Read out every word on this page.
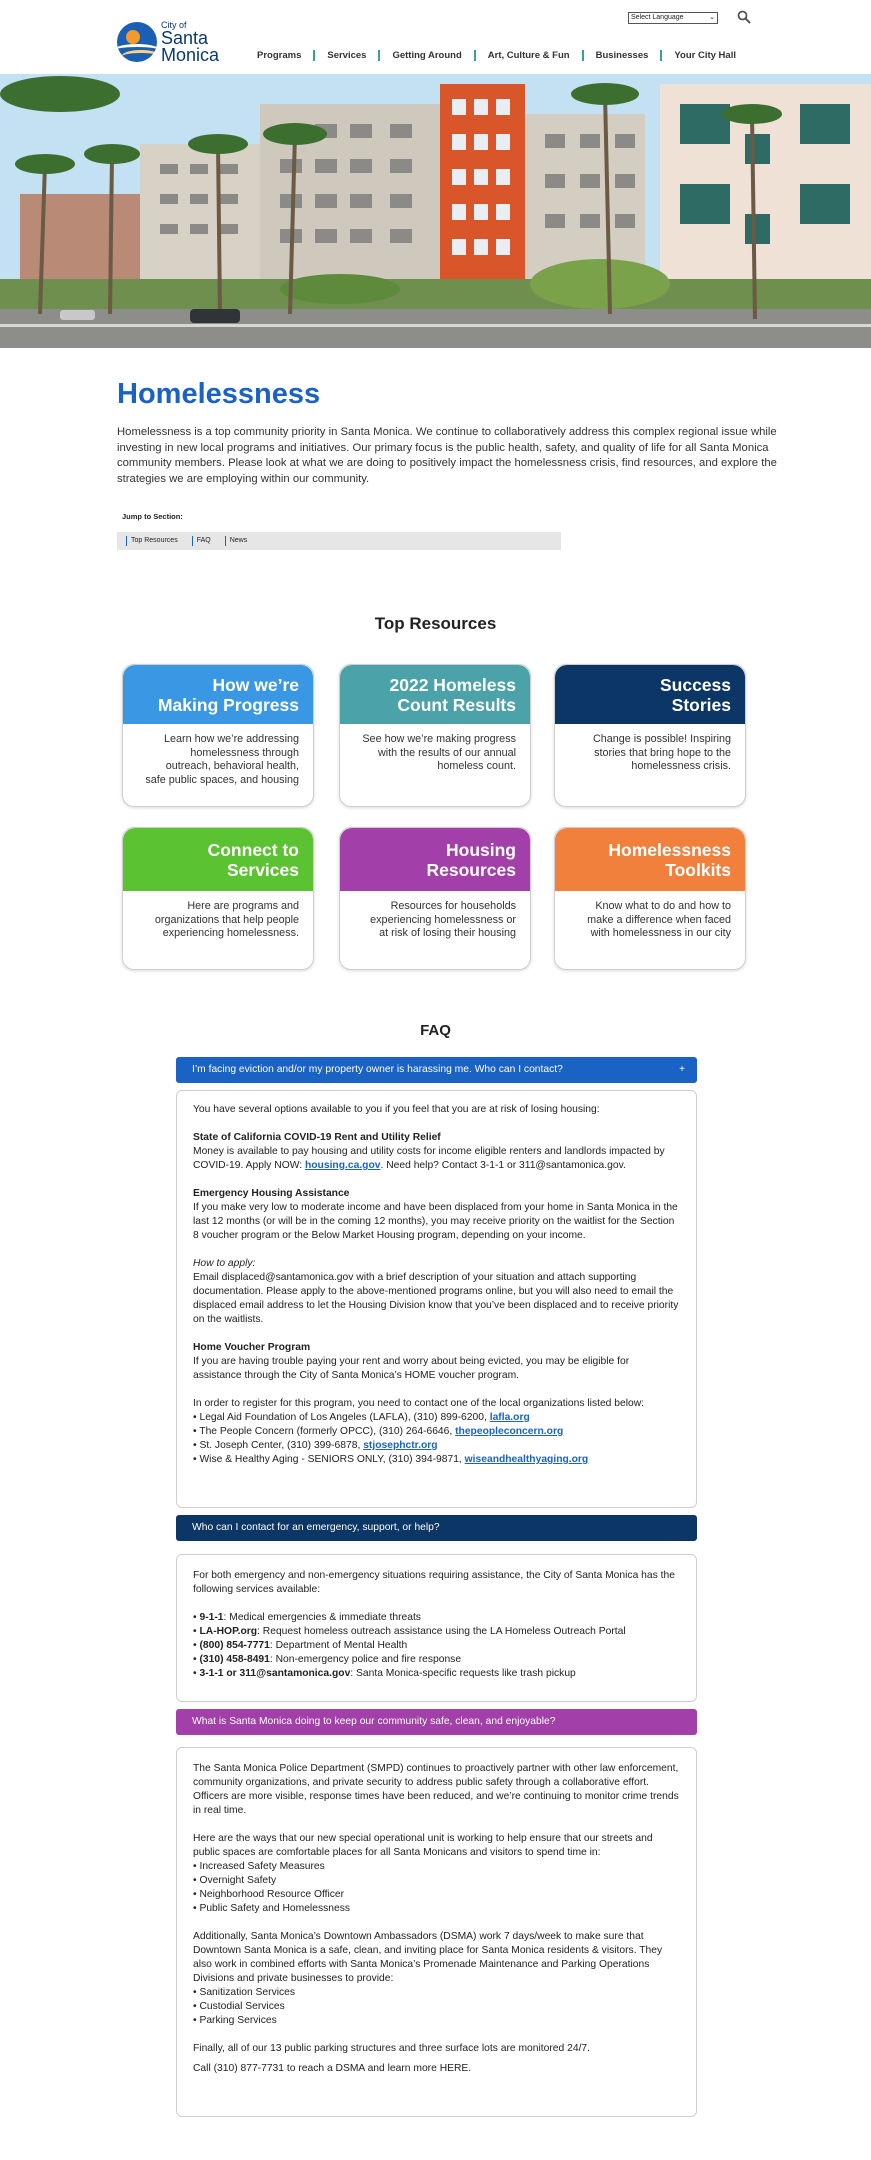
City of
Santa
Monica
Select Language	⌄
Programs	Services	Getting Around	Art, Culture & Fun	Businesses	Your City Hall
Homelessness

Homelessness is a top community priority in Santa Monica. We continue to collaboratively address this complex regional issue while investing in new local programs and initiatives. Our primary focus is the public health, safety, and quality of life for all Santa Monica community members. Please look at what we are doing to positively impact the homelessness crisis, find resources, and explore the strategies we are employing within our community.

Jump to Section:
Top Resources	FAQ	News
Top Resources
How we’re
Making Progress
Learn how we’re addressing homelessness through outreach, behavioral health, safe public spaces, and housing
2022 Homeless
Count Results
See how we’re making progress with the results of our annual homeless count.
Success
Stories
Change is possible! Inspiring stories that bring hope to the homelessness crisis.
Connect to
Services
Here are programs and organizations that help people experiencing homelessness.
Housing
Resources
Resources for households experiencing homelessness or at risk of losing their housing
Homelessness
Toolkits
Know what to do and how to make a difference when faced with homelessness in our city
FAQ
I’m facing eviction and/or my property owner is harassing me. Who can I contact?	+

You have several options available to you if you feel that you are at risk of losing housing:

State of California COVID-19 Rent and Utility Relief
Money is available to pay housing and utility costs for income eligible renters and landlords impacted by COVID-19. Apply NOW: housing.ca.gov. Need help? Contact 3-1-1 or 311@santamonica.gov.

Emergency Housing Assistance
If you make very low to moderate income and have been displaced from your home in Santa Monica in the last 12 months (or will be in the coming 12 months), you may receive priority on the waitlist for the Section 8 voucher program or the Below Market Housing program, depending on your income.

How to apply:
Email displaced@santamonica.gov with a brief description of your situation and attach supporting documentation. Please apply to the above-mentioned programs online, but you will also need to email the displaced email address to let the Housing Division know that you’ve been displaced and to receive priority on the waitlists.

Home Voucher Program
If you are having trouble paying your rent and worry about being evicted, you may be eligible for assistance through the City of Santa Monica’s HOME voucher program.

In order to register for this program, you need to contact one of the local organizations listed below:
• Legal Aid Foundation of Los Angeles (LAFLA), (310) 899-6200, lafla.org
• The People Concern (formerly OPCC), (310) 264-6646, thepeopleconcern.org
• St. Joseph Center, (310) 399-6878, stjosephctr.org
• Wise & Healthy Aging - SENIORS ONLY, (310) 394-9871, wiseandhealthyaging.org
Who can I contact for an emergency, support, or help?

For both emergency and non-emergency situations requiring assistance, the City of Santa Monica has the following services available:

• 9-1-1: Medical emergencies & immediate threats
• LA-HOP.org: Request homeless outreach assistance using the LA Homeless Outreach Portal
• (800) 854-7771: Department of Mental Health
• (310) 458-8491: Non-emergency police and fire response
• 3-1-1 or 311@santamonica.gov: Santa Monica-specific requests like trash pickup
What is Santa Monica doing to keep our community safe, clean, and enjoyable?

The Santa Monica Police Department (SMPD) continues to proactively partner with other law enforcement, community organizations, and private security to address public safety through a collaborative effort. Officers are more visible, response times have been reduced, and we’re continuing to monitor crime trends in real time.

Here are the ways that our new special operational unit is working to help ensure that our streets and public spaces are comfortable places for all Santa Monicans and visitors to spend time in:
• Increased Safety Measures
• Overnight Safety
• Neighborhood Resource Officer
• Public Safety and Homelessness

Additionally, Santa Monica’s Downtown Ambassadors (DSMA) work 7 days/week to make sure that Downtown Santa Monica is a safe, clean, and inviting place for Santa Monica residents & visitors. They also work in combined efforts with Santa Monica’s Promenade Maintenance and Parking Operations Divisions and private businesses to provide:
• Sanitization Services
• Custodial Services
• Parking Services

Finally, all of our 13 public parking structures and three surface lots are monitored 24/7.

Call (310) 877-7731 to reach a DSMA and learn more HERE.
